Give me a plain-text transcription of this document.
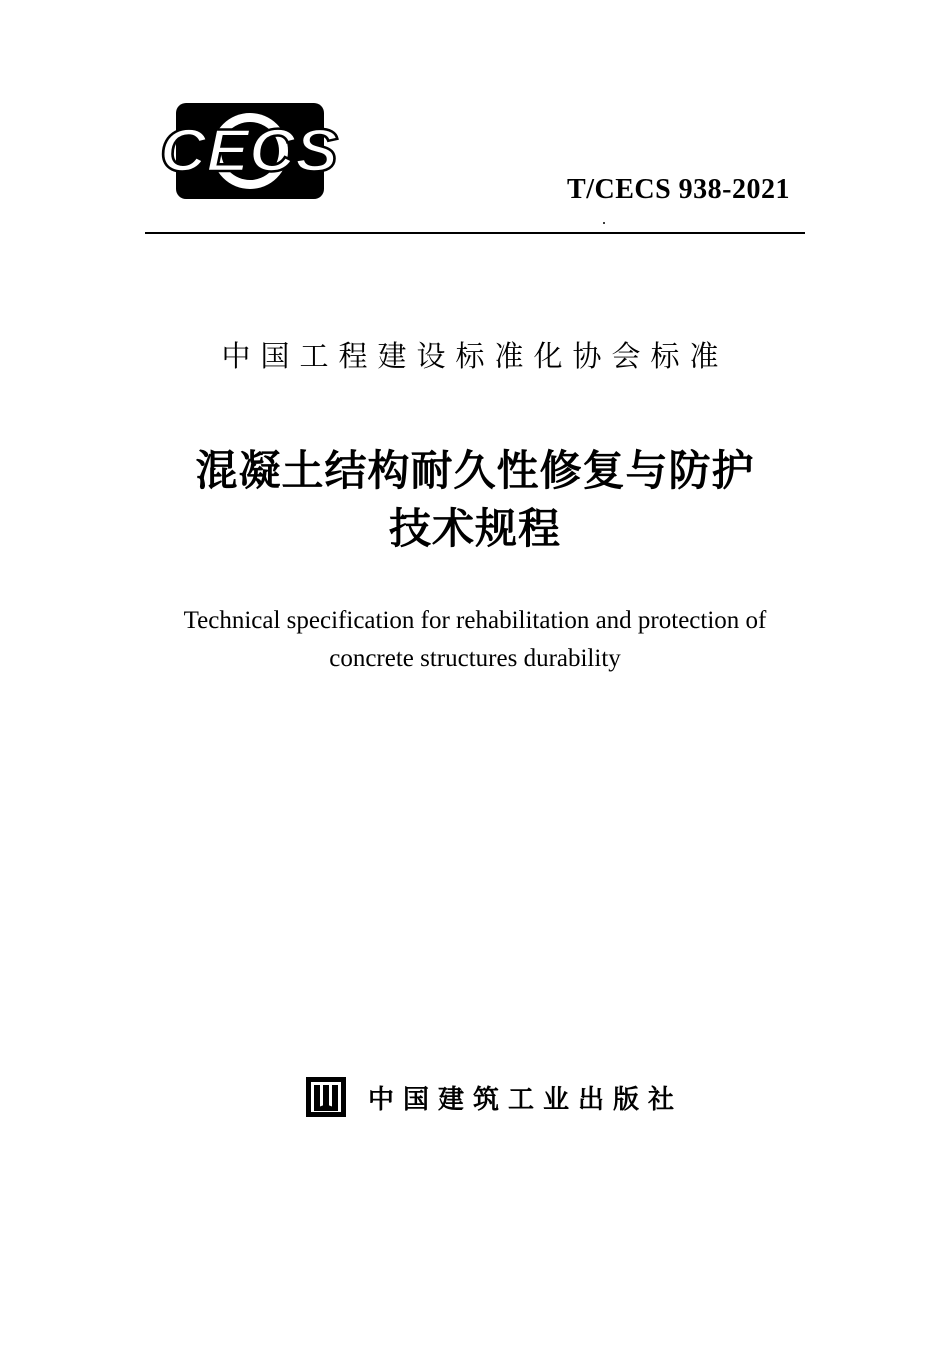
CECS
T/CECS 938-2021
中国工程建设标准化协会标准
混凝土结构耐久性修复与防护
技术规程
Technical specification for rehabilitation and protection of
concrete structures durability
中国建筑工业出版社
